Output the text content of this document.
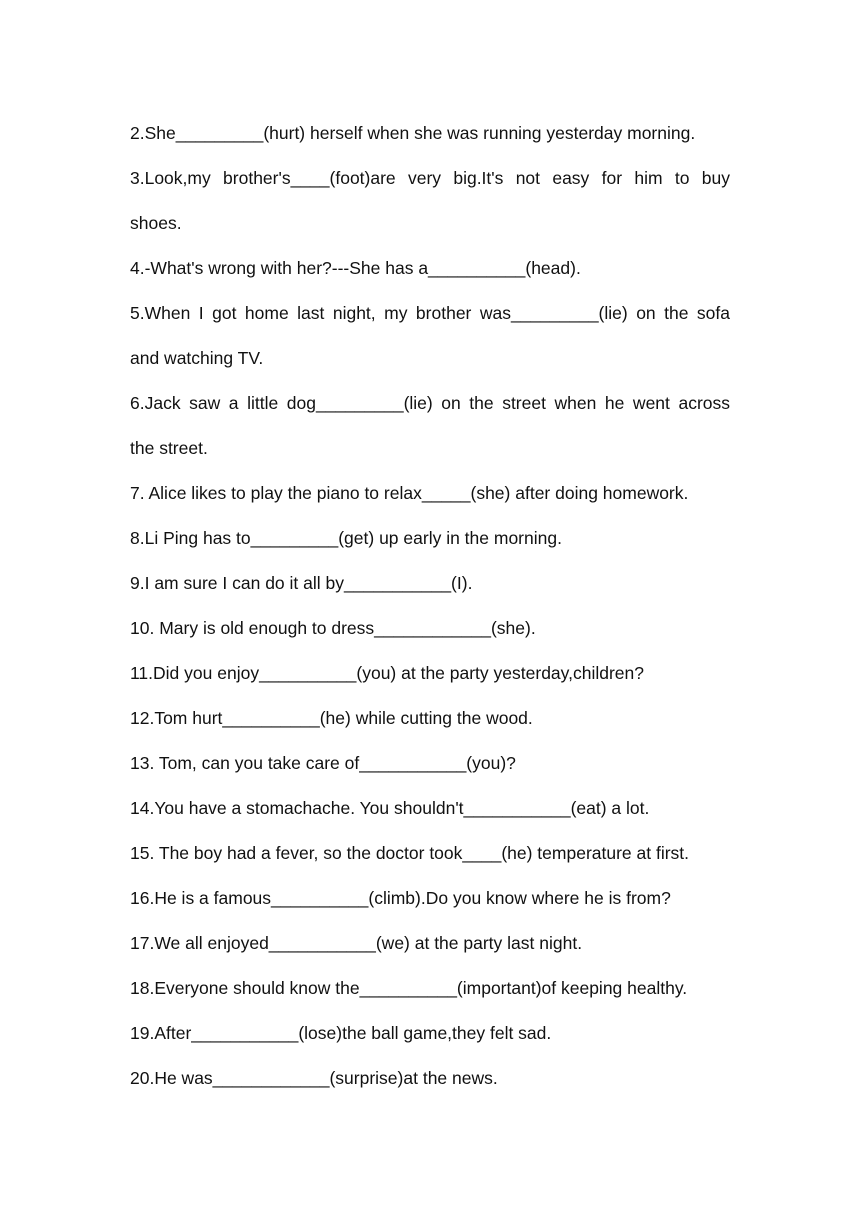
2.She_________(hurt) herself when she was running yesterday morning.
3.Look,my brother's____(foot)are very big.It's not easy for him to buy
shoes.
4.-What's wrong with her?---She has a__________(head).
5.When I got home last night, my brother was_________(lie) on the sofa
and watching TV.
6.Jack saw a little dog_________(lie) on the street when he went across
the street.
7. Alice likes to play the piano to relax_____(she) after doing homework.
8.Li Ping has to_________(get) up early in the morning.
9.I am sure I can do it all by___________(I).
10. Mary is old enough to dress____________(she).
11.Did you enjoy__________(you) at the party yesterday,children?
12.Tom hurt__________(he) while cutting the wood.
13. Tom, can you take care of___________(you)?
14.You have a stomachache. You shouldn't___________(eat) a lot.
15. The boy had a fever, so the doctor took____(he) temperature at first.
16.He is a famous__________(climb).Do you know where he is from?
17.We all enjoyed___________(we) at the party last night.
18.Everyone should know the__________(important)of keeping healthy.
19.After___________(lose)the ball game,they felt sad.
20.He was____________(surprise)at the news.
